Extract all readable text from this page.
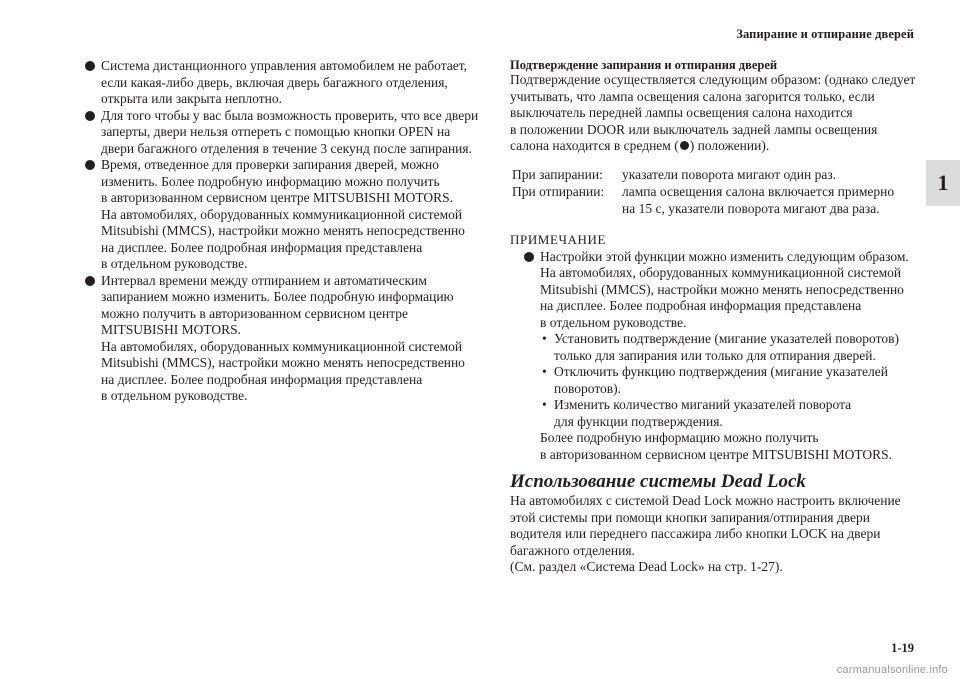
Запирание и отпирание дверей
1
Система дистанционного управления автомобилем не работает,
если какая-либо дверь, включая дверь багажного отделения,
открыта или закрыта неплотно.
Для того чтобы у вас была возможность проверить, что все двери
заперты, двери нельзя отпереть с помощью кнопки OPEN на
двери багажного отделения в течение 3 секунд после запирания.
Время, отведенное для проверки запирания дверей, можно
изменить. Более подробную информацию можно получить
в авторизованном сервисном центре MITSUBISHI MOTORS.
На автомобилях, оборудованных коммуникационной системой
Mitsubishi (MMCS), настройки можно менять непосредственно
на дисплее. Более подробная информация представлена
в отдельном руководстве.
Интервал времени между отпиранием и автоматическим
запиранием можно изменить. Более подробную информацию
можно получить в авторизованном сервисном центре
MITSUBISHI MOTORS.
На автомобилях, оборудованных коммуникационной системой
Mitsubishi (MMCS), настройки можно менять непосредственно
на дисплее. Более подробная информация представлена
в отдельном руководстве.
Подтверждение запирания и отпирания дверей
Подтверждение осуществляется следующим образом: (однако следует
учитывать, что лампа освещения салона загорится только, если
выключатель передней лампы освещения салона находится
в положении DOOR или выключатель задней лампы освещения
салона находится в среднем ( ) положении).
При запирании:	указатели поворота мигают один раз.

При отпирании:	лампа освещения салона включается примерно
на 15 с, указатели поворота мигают два раза.
ПРИМЕЧАНИЕ
Настройки этой функции можно изменить следующим образом.
На автомобилях, оборудованных коммуникационной системой
Mitsubishi (MMCS), настройки можно менять непосредственно
на дисплее. Более подробная информация представлена
в отдельном руководстве.
• Установить подтверждение (мигание указателей поворотов)
только для запирания или только для отпирания дверей.
• Отключить функцию подтверждения (мигание указателей
поворотов).
• Изменить количество миганий указателей поворота
для функции подтверждения.
Более подробную информацию можно получить
в авторизованном сервисном центре MITSUBISHI MOTORS.
Использование системы Dead Lock
На автомобилях с системой Dead Lock можно настроить включение
этой системы при помощи кнопки запирания/отпирания двери
водителя или переднего пассажира либо кнопки LOCK на двери
багажного отделения.
(См. раздел «Система Dead Lock» на стр. 1-27).
1-19
carmanualsonline.info
